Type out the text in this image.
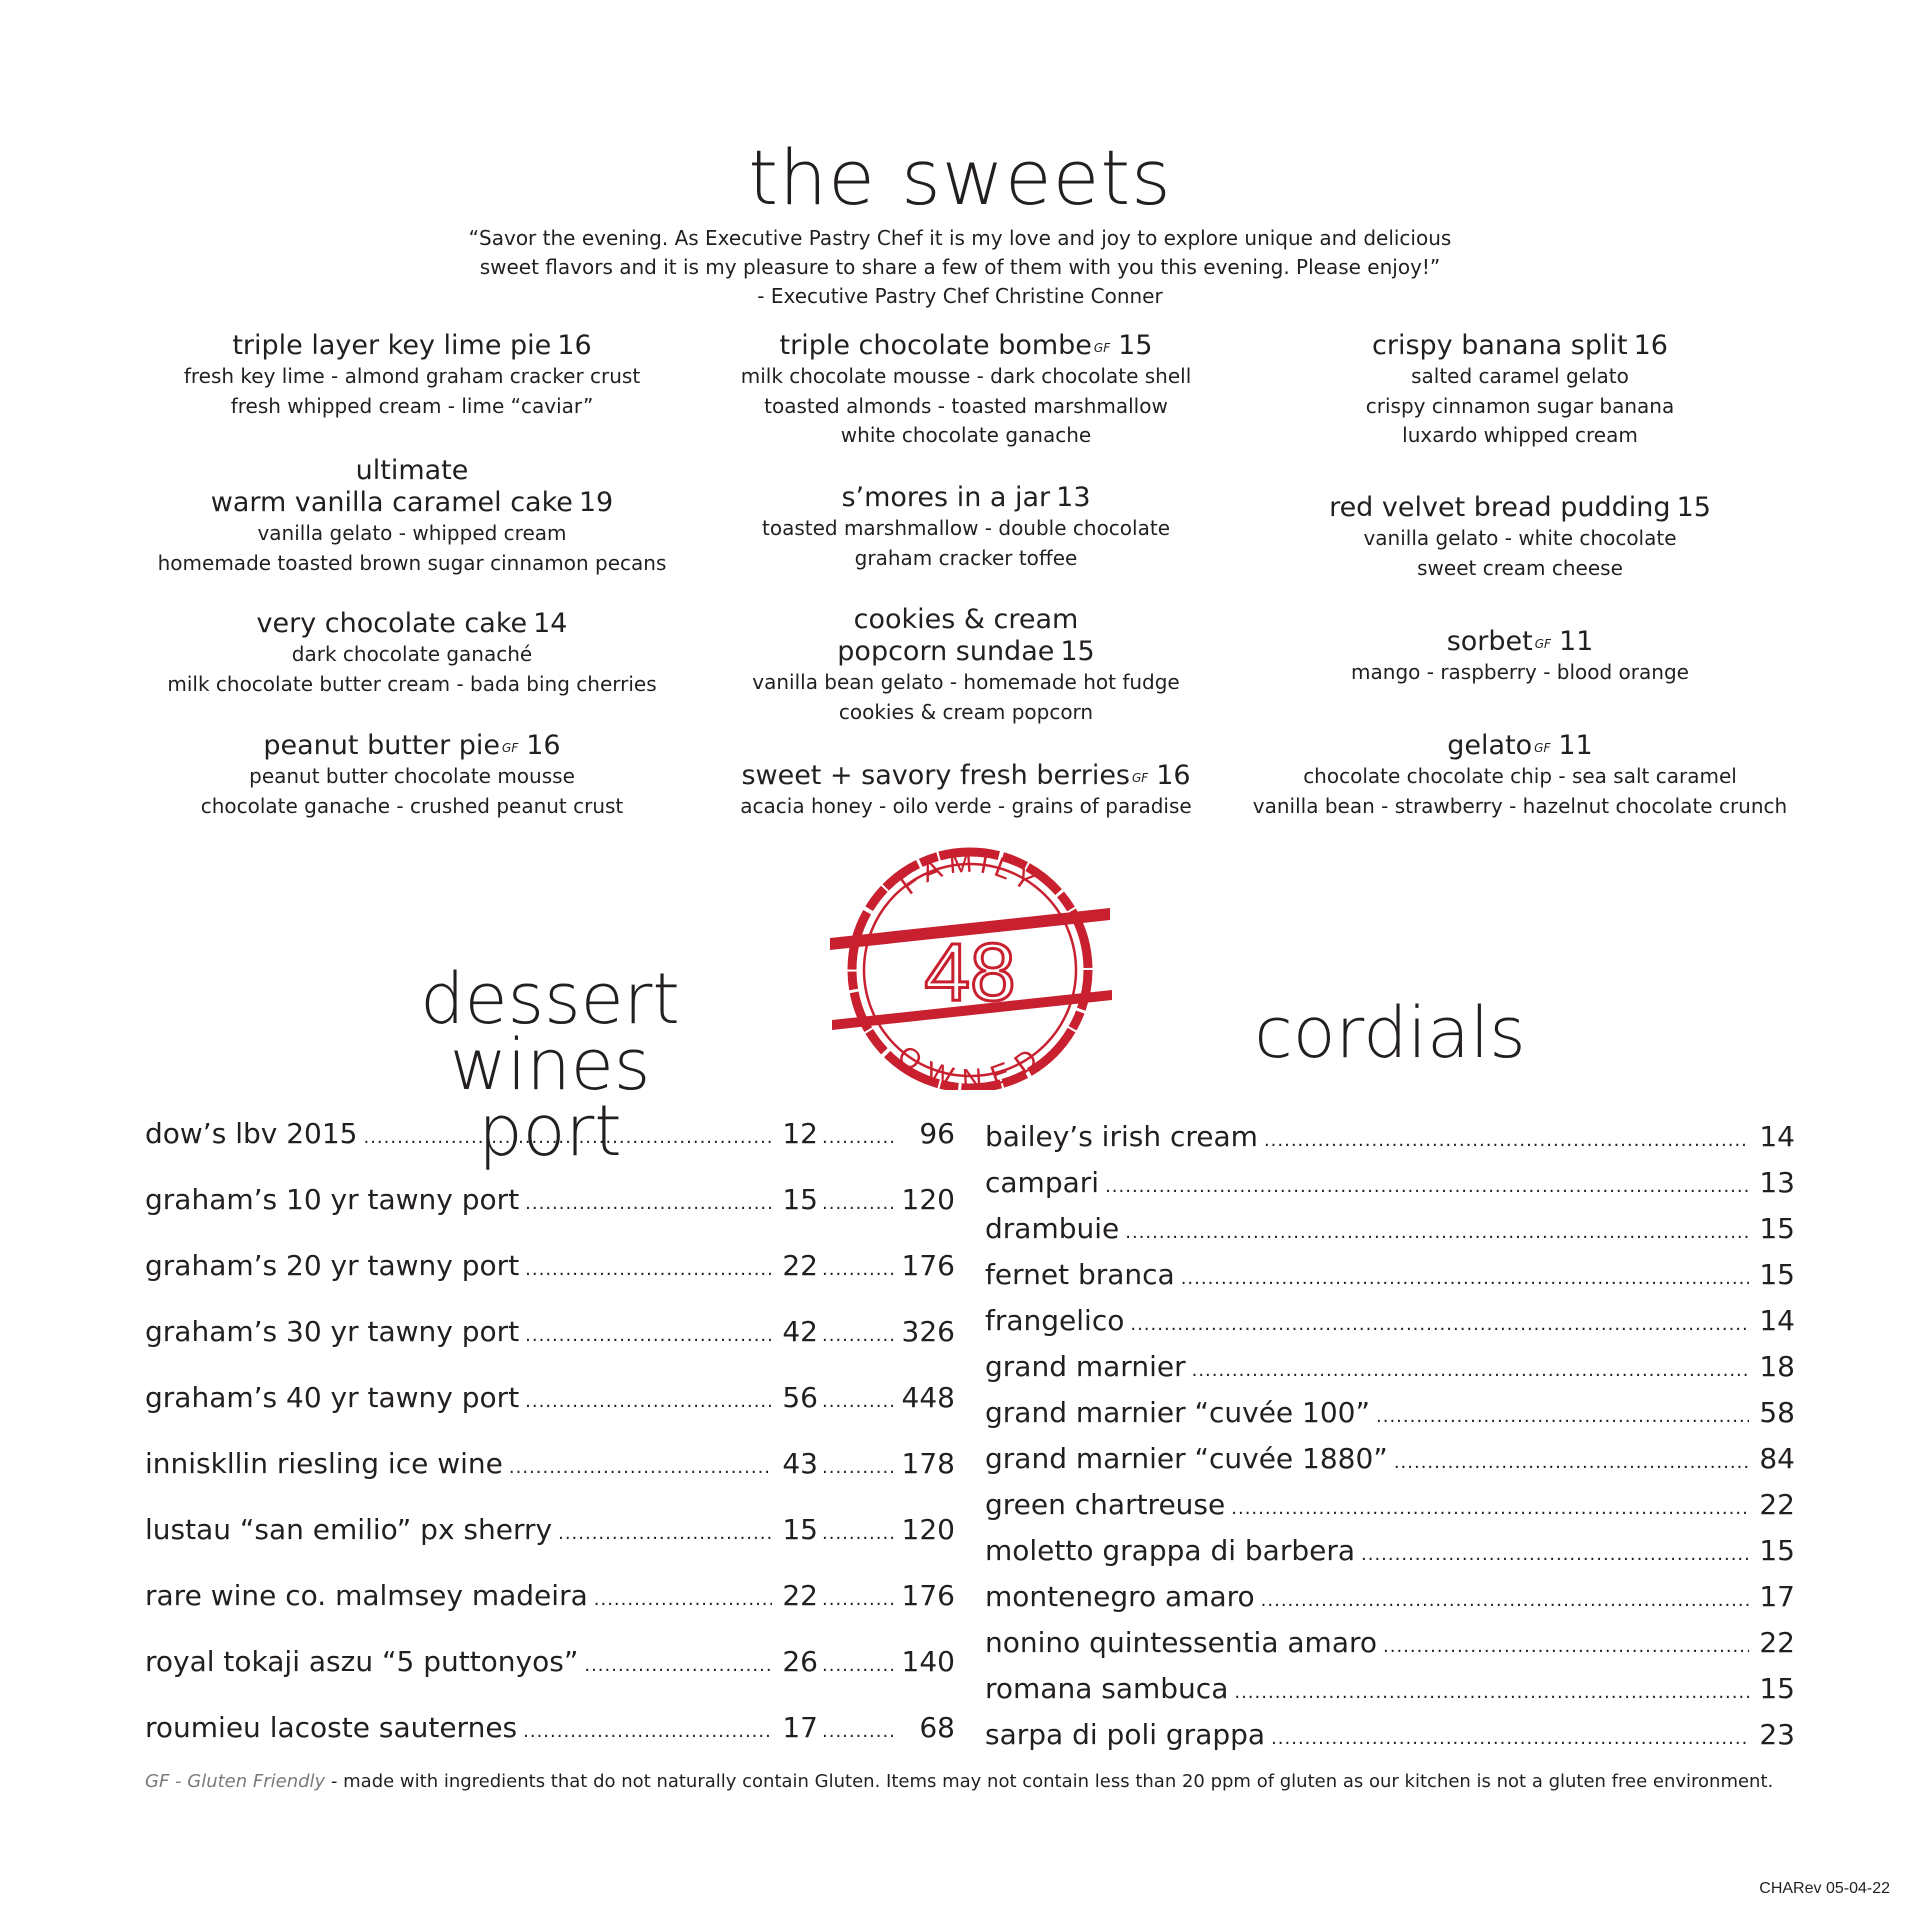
the sweets
“Savor the evening. As Executive Pastry Chef it is my love and joy to explore unique and delicious
sweet flavors and it is my pleasure to share a few of them with you this evening. Please enjoy!”
- Executive Pastry Chef Christine Conner
triple layer key lime pie 16
fresh key lime - almond graham cracker crust
fresh whipped cream - lime “caviar”
ultimate
warm vanilla caramel cake 19
vanilla gelato - whipped cream
homemade toasted brown sugar cinnamon pecans
very chocolate cake 14
dark chocolate ganaché
milk chocolate butter cream - bada bing cherries
peanut butter pie $^{GF}$ 16
peanut butter chocolate mousse
chocolate ganache - crushed peanut crust
triple chocolate bombe $^{GF}$ 15
milk chocolate mousse - dark chocolate shell
toasted almonds - toasted marshmallow
white chocolate ganache
s’mores in a jar 13
toasted marshmallow - double chocolate
graham cracker toffee
cookies & cream
popcorn sundae 15
vanilla bean gelato - homemade hot fudge
cookies & cream popcorn
sweet + savory fresh berries $^{GF}$ 16
acacia honey - oilo verde - grains of paradise
crispy banana split 16
salted caramel gelato
crispy cinnamon sugar banana
luxardo whipped cream
red velvet bread pudding 15
vanilla gelato - white chocolate
sweet cream cheese
sorbet $^{GF}$ 11
mango - raspberry - blood orange
gelato $^{GF}$ 11
chocolate chocolate chip - sea salt caramel
vanilla bean - strawberry - hazelnut chocolate crunch
FAMILY
48
OWNED
dessert wines
port
dow’s lbv 2015 .....	12 .....	96
graham’s 10 yr tawny port .....	15 .....	120
graham’s 20 yr tawny port .....	22 .....	176
graham’s 30 yr tawny port .....	42 .....	326
graham’s 40 yr tawny port .....	56 .....	448
inniskllin riesling ice wine .....	43 .....	178
lustau “san emilio” px sherry .....	15 .....	120
rare wine co. malmsey madeira .....	22 .....	176
royal tokaji aszu “5 puttonyos” .....	26 .....	140
roumieu lacoste sauternes .....	17 .....	68
cordials
bailey’s irish cream .....	14
campari .....	13
drambuie .....	15
fernet branca .....	15
frangelico .....	14
grand marnier .....	18
grand marnier “cuvée 100” .....	58
grand marnier “cuvée 1880” .....	84
green chartreuse .....	22
moletto grappa di barbera .....	15
montenegro amaro .....	17
nonino quintessentia amaro .....	22
romana sambuca .....	15
sarpa di poli grappa .....	23
GF - Gluten Friendly - made with ingredients that do not naturally contain Gluten. Items may not contain less than 20 ppm of gluten as our kitchen is not a gluten free environment.
CHARev 05-04-22
